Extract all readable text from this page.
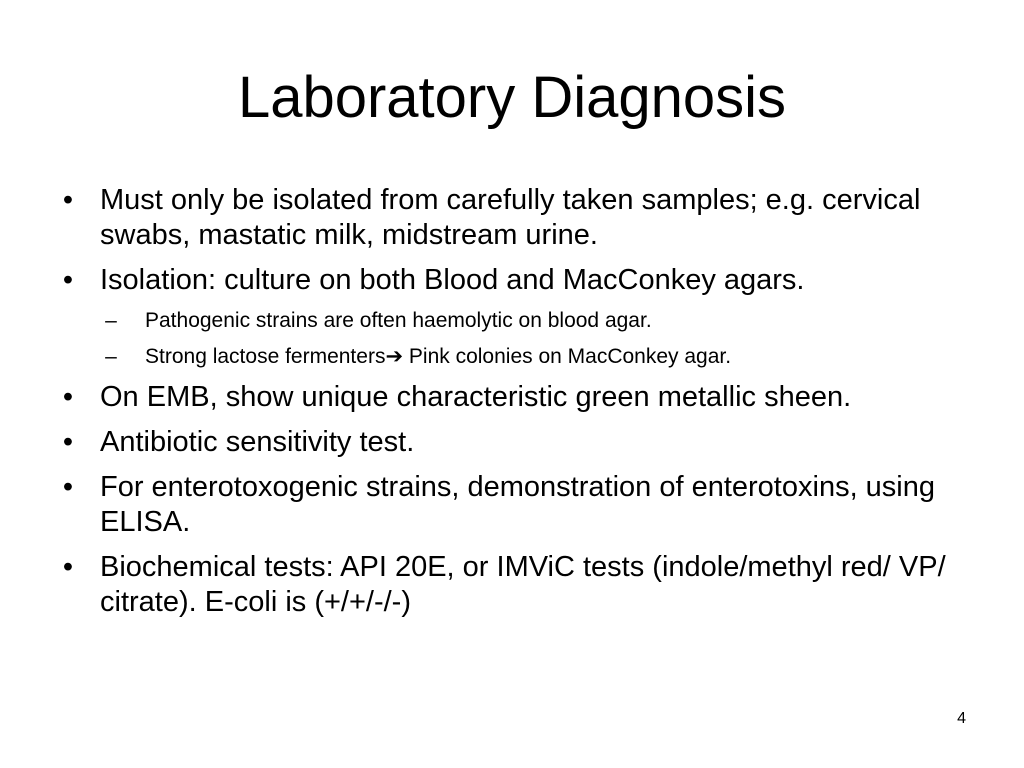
Laboratory Diagnosis
• Must only be isolated from carefully taken samples; e.g. cervical swabs, mastatic milk, midstream urine.
• Isolation: culture on both Blood and MacConkey agars.
– Pathogenic strains are often haemolytic on blood agar.
– Strong lactose fermenters➔ Pink colonies on MacConkey agar.
• On EMB, show unique characteristic green metallic sheen.
• Antibiotic sensitivity test.
• For enterotoxogenic strains, demonstration of enterotoxins, using ELISA.
• Biochemical tests: API 20E, or IMViC tests (indole/methyl red/ VP/ citrate). E-coli is (+/+/-/-)
4
